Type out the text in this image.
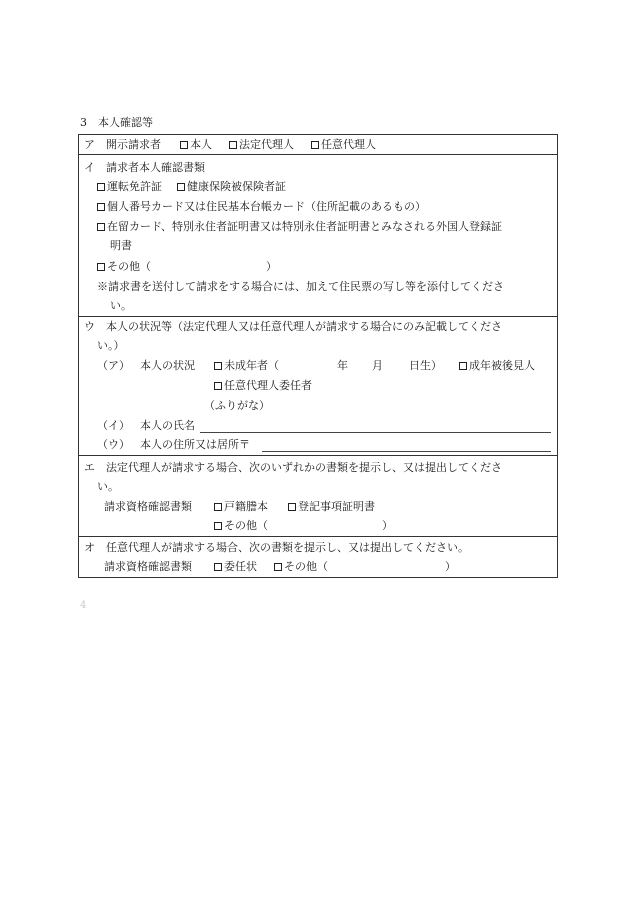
3　本人確認等
ア　開示請求者	本人 法定代理人 任意代理人
イ　請求者本人確認書類
運転免許証 健康保険被保険者証
個人番号カード又は住民基本台帳カード（住所記載のあるもの）
在留カード、特別永住者証明書又は特別永住者証明書とみなされる外国人登録証
明書
その他（	）
※請求書を送付して請求をする場合には、加えて住民票の写し等を添付してくださ
い。
ウ　本人の状況等（法定代理人又は任意代理人が請求する場合にのみ記載してくださ
い。）
（ア） 本人の状況	未成年者（	年 月 日生）	成年被後見人
任意代理人委任者
（ふりがな）
（イ） 本人の氏名
（ウ） 本人の住所又は居所〒
エ　法定代理人が請求する場合、次のいずれかの書類を提示し、又は提出してくださ
い。
請求資格確認書類	戸籍謄本	登記事項証明書
その他（	）
オ　任意代理人が請求する場合、次の書類を提示し、又は提出してください。
請求資格確認書類	委任状	その他（	）
4
